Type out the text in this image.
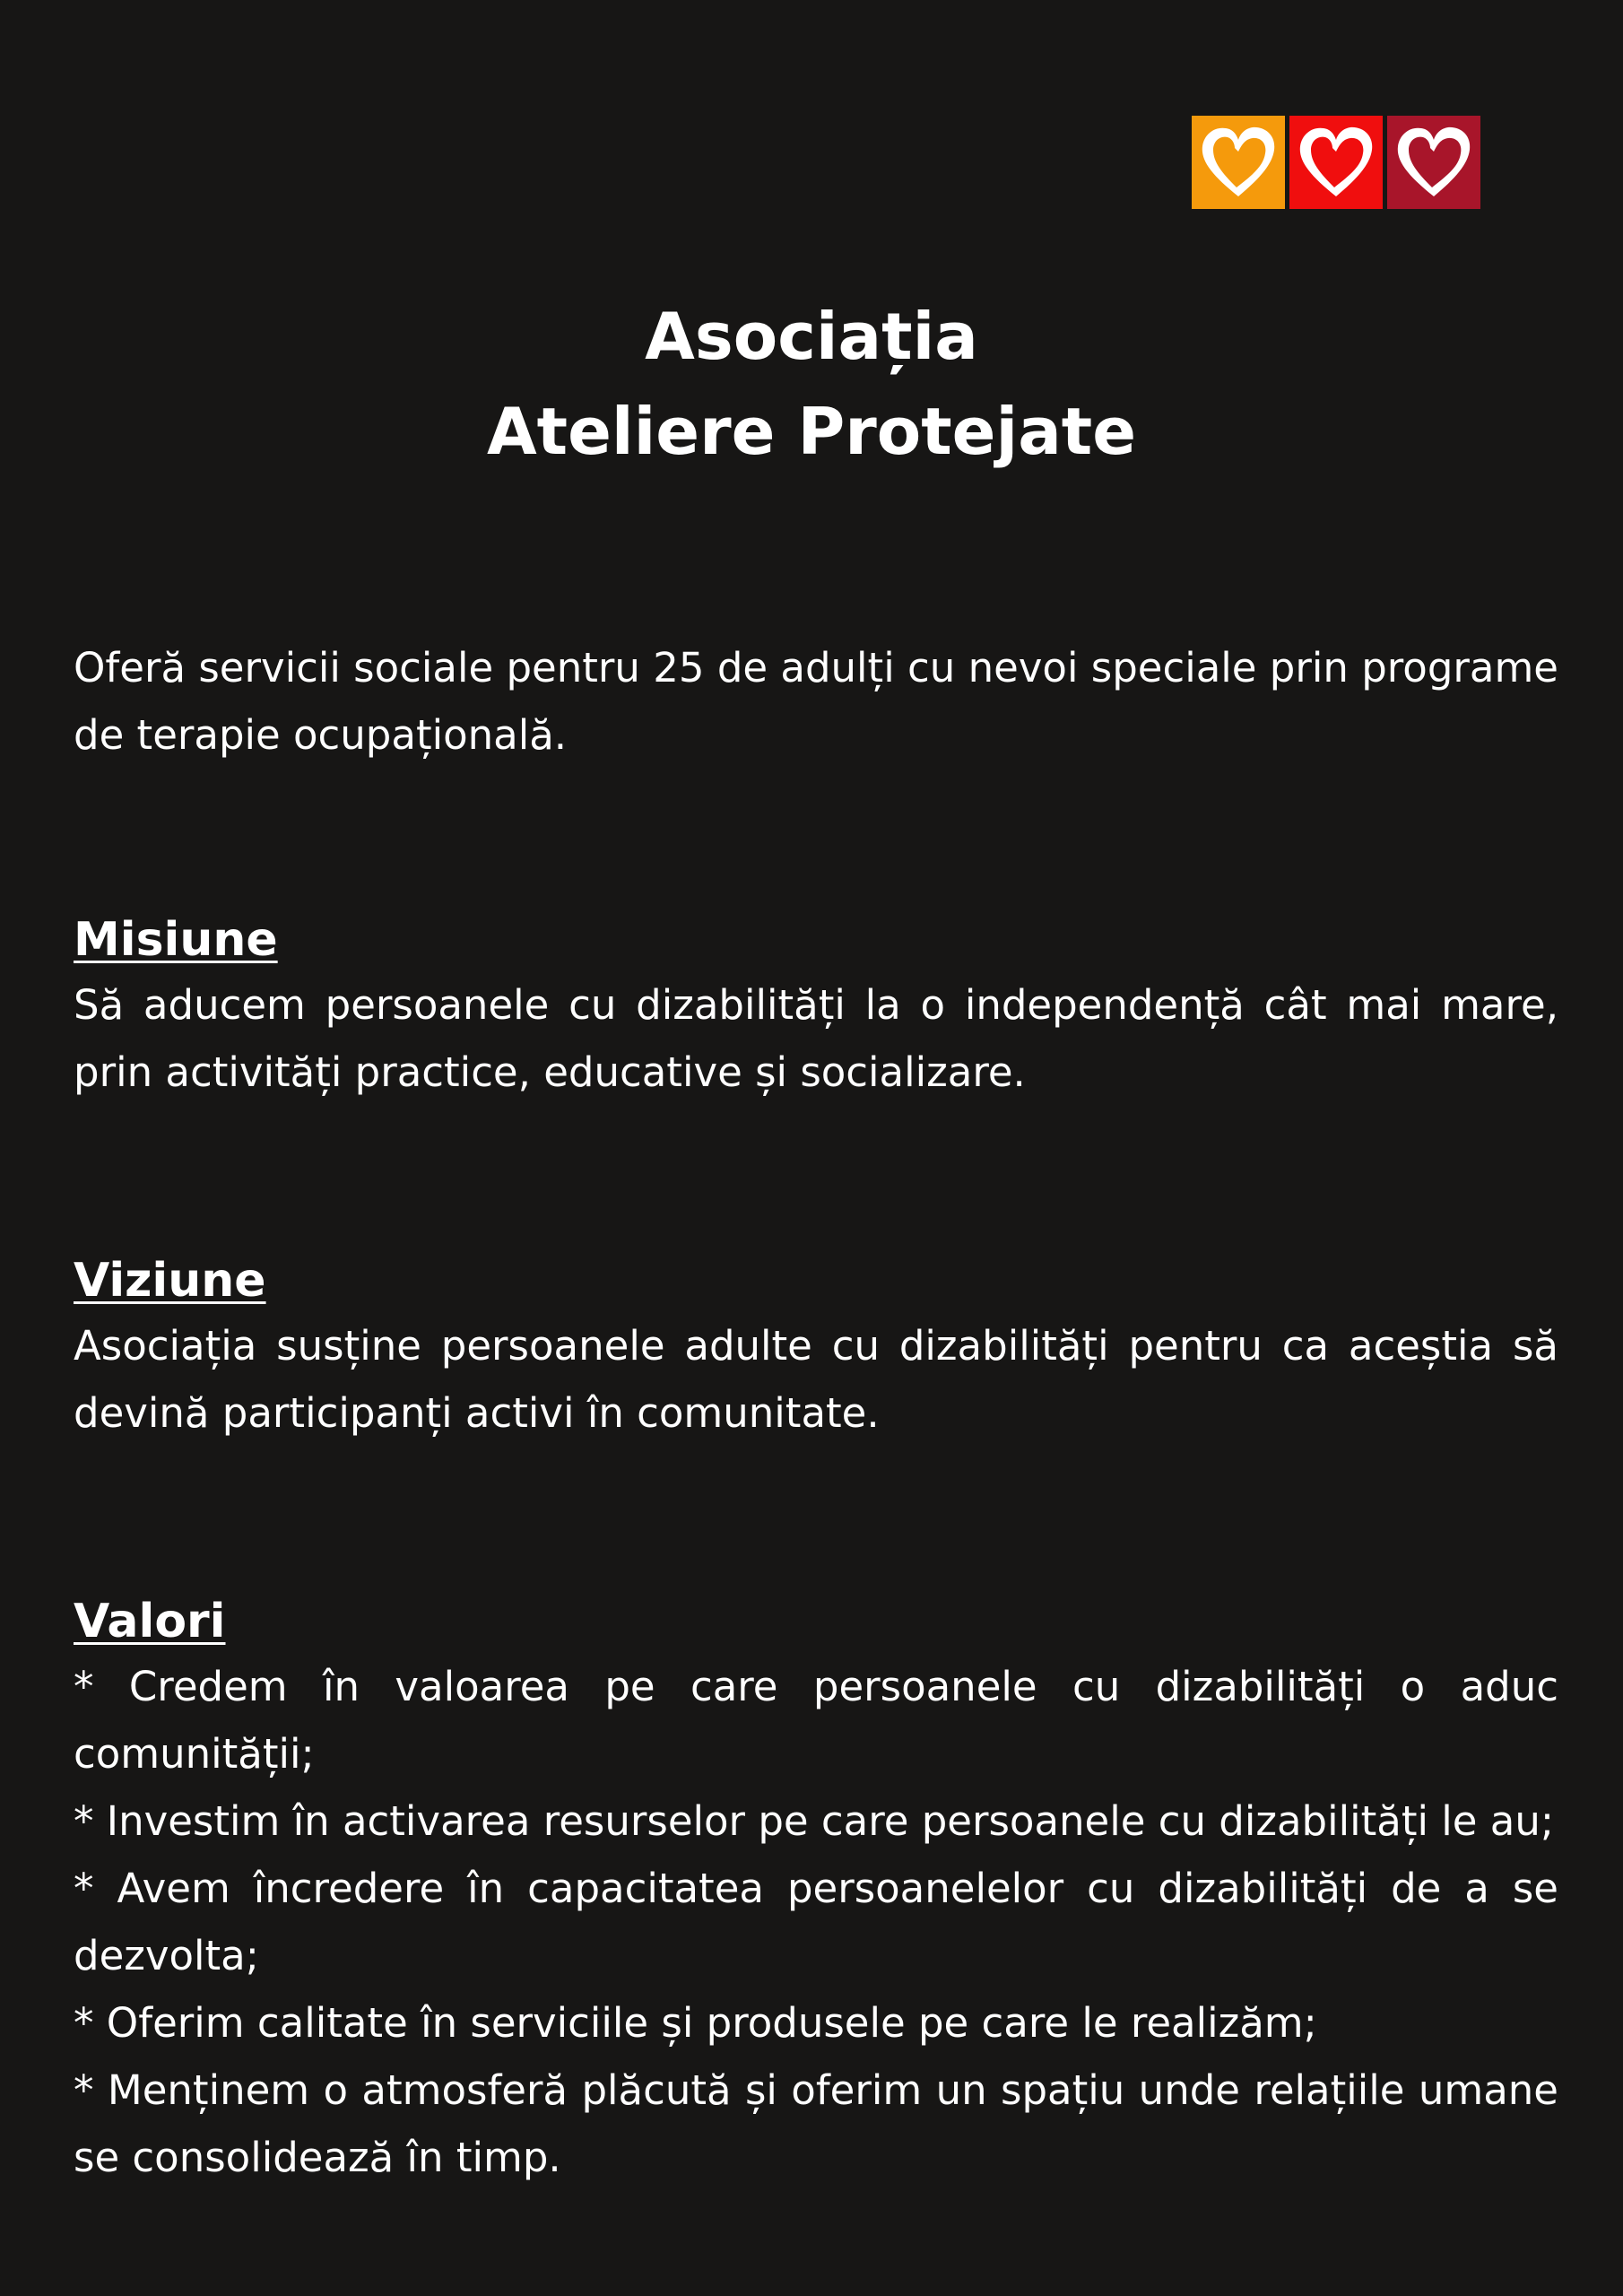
Asociația
Ateliere Protejate
Oferă servicii sociale pentru 25 de adulți cu nevoi speciale prin programe de terapie ocupațională.
Misiune
Să aducem persoanele cu dizabilități la o independență cât mai mare, prin activități practice, educative și socializare.
Viziune
Asociația susține persoanele adulte cu dizabilități pentru ca aceștia să devină participanți activi în comunitate.
Valori
* Credem în valoarea pe care persoanele cu dizabilități o aduc comunității;
* Investim în activarea resurselor pe care persoanele cu dizabilități le au;
* Avem încredere în capacitatea persoanelelor cu dizabilități de a se dezvolta;
* Oferim calitate în serviciile și produsele pe care le realizăm;
* Menținem o atmosferă plăcută și oferim un spațiu unde relațiile umane se consolidează în timp.
